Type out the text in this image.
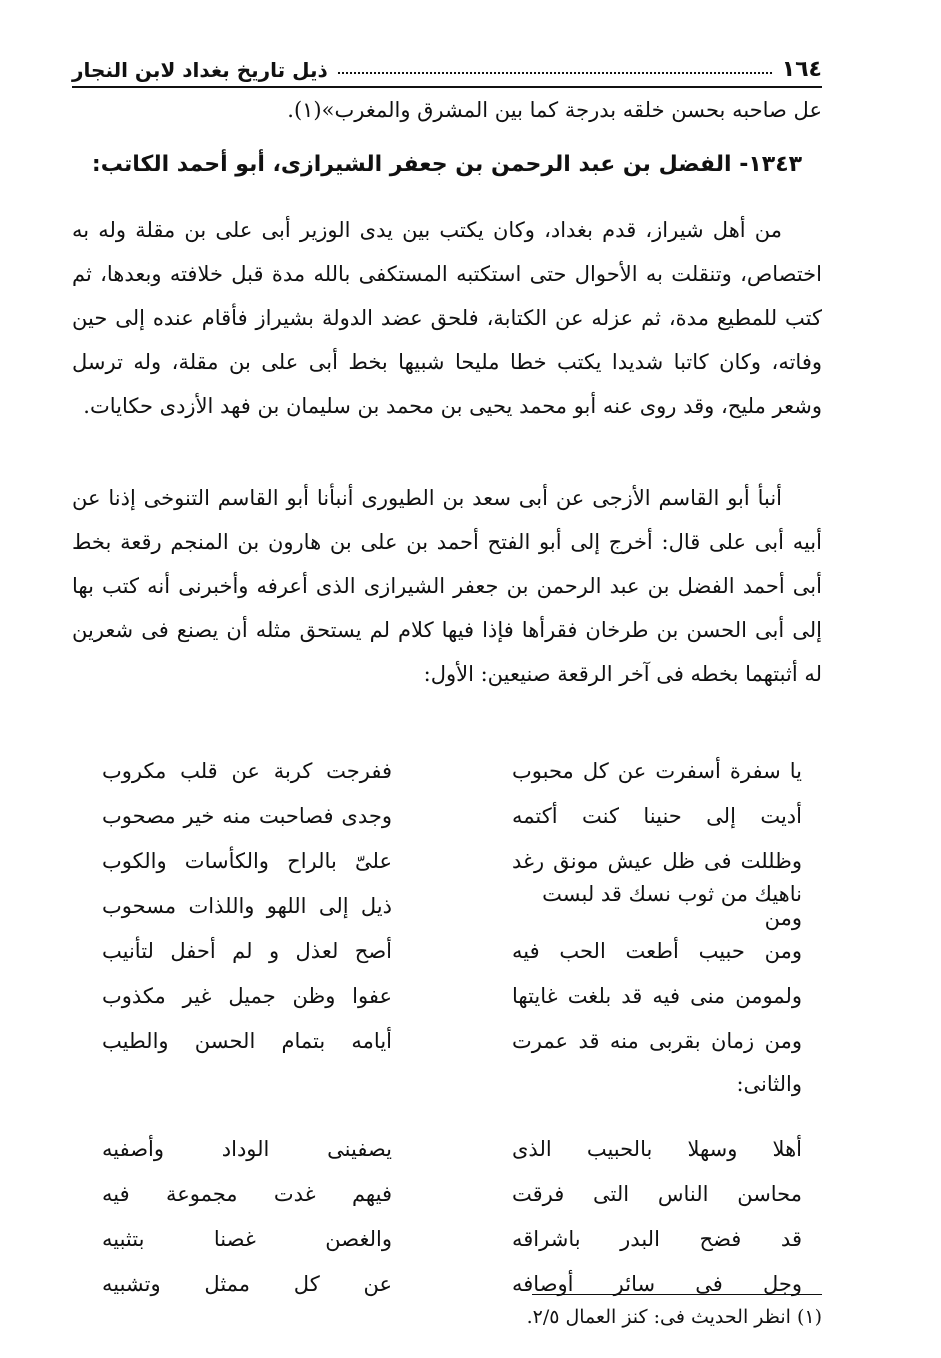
١٦٤
ذيل تاريخ بغداد لابن النجار
عل صاحبه بحسن خلقه بدرجة كما بين المشرق والمغرب»(١).
١٣٤٣- الفضل بن عبد الرحمن بن جعفر الشيرازى، أبو أحمد الكاتب:
من أهل شيراز، قدم بغداد، وكان يكتب بين يدى الوزير أبى على بن مقلة وله به اختصاص، وتنقلت به الأحوال حتى استكتبه المستكفى بالله مدة قبل خلافته وبعدها، ثم كتب للمطيع مدة، ثم عزله عن الكتابة، فلحق عضد الدولة بشيراز فأقام عنده إلى حين وفاته، وكان كاتبا شديدا يكتب خطا مليحا شبيها بخط أبى على بن مقلة، وله ترسل وشعر مليح، وقد روى عنه أبو محمد يحيى بن محمد بن سليمان بن فهد الأزدى حكايات.
أنبأ أبو القاسم الأزجى عن أبى سعد بن الطيورى أنبأنا أبو القاسم التنوخى إذنا عن أبيه أبى على قال: أخرج إلى أبو الفتح أحمد بن على بن هارون بن المنجم رقعة بخط أبى أحمد الفضل بن عبد الرحمن بن جعفر الشيرازى الذى أعرفه وأخبرنى أنه كتب بها إلى أبى الحسن بن طرخان فقرأها فإذا فيها كلام لم يستحق مثله أن يصنع فى شعرين له أثبتهما بخطه فى آخر الرقعة صنيعين: الأول:
يا سفرة أسفرت عن كل محبوب
ففرجت كربة عن قلب مكروب
أديت إلى حنينا كنت أكتمه
وجدى فصاحبت منه خير مصحوب
وظللت فى ظل عيش مونق رغد
علىّ بالراح والكأسات والكوب
ناهيك من ثوب نسك قد لبست ومن
ذيل إلى اللهو واللذات مسحوب
ومن حبيب أطعت الحب فيه
أصح لعذل و لم أحفل لتأنيب
ولمومن منى فيه قد بلغت غايتها
عفوا وظن جميل غير مكذوب
ومن زمان بقربى منه قد عمرت
أيامه بتمام الحسن والطيب
والثانى:
أهلا وسهلا بالحبيب الذى
يصفينى الوداد وأصفيه
محاسن الناس التى فرقت
فيهم غدت مجموعة فيه
قد فضح البدر باشراقه
والغصن غصنا بتثبيه
وجل فى سائر أوصافه
عن كل ممثل وتشبيه
(١) انظر الحديث فى: كنز العمال ٢/٥.
